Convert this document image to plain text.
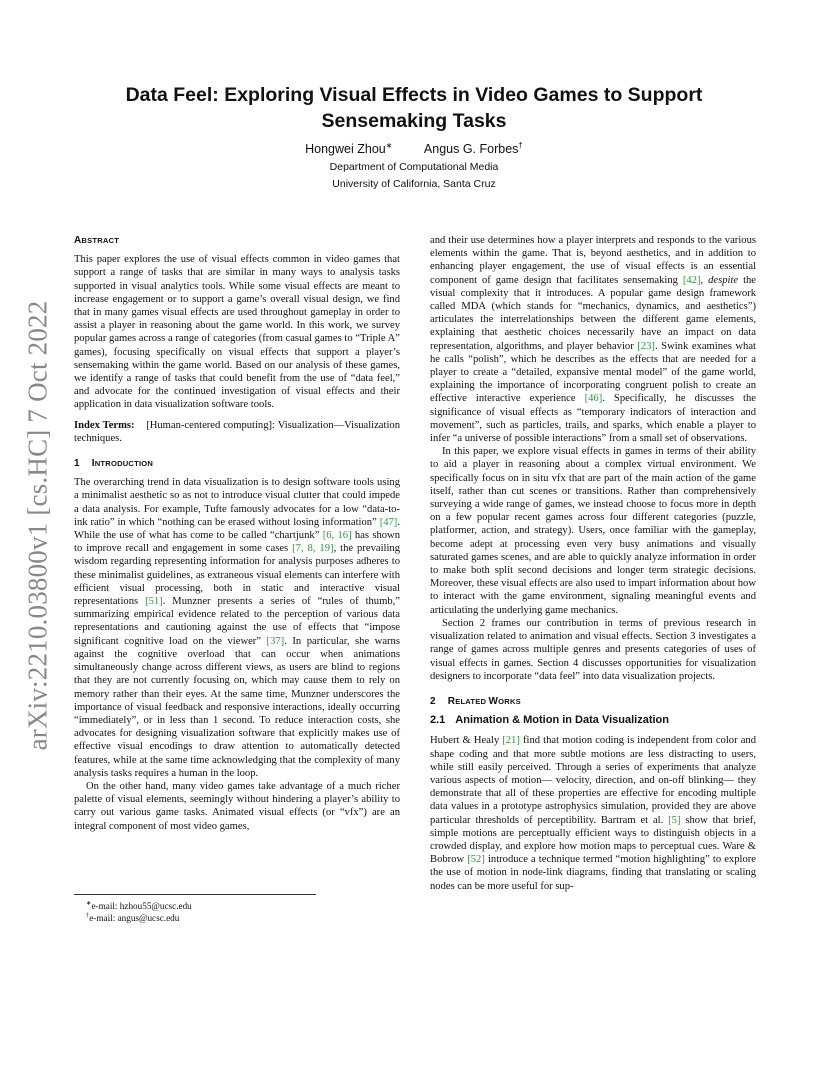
arXiv:2210.03800v1 [cs.HC] 7 Oct 2022
Data Feel: Exploring Visual Effects in Video Games to Support
Sensemaking Tasks
Hongwei Zhou∗	Angus G. Forbes†
Department of Computational Media
University of California, Santa Cruz
ABSTRACT

This paper explores the use of visual effects common in video games that support a range of tasks that are similar in many ways to analysis tasks supported in visual analytics tools. While some visual effects are meant to increase engagement or to support a game’s overall visual design, we find that in many games visual effects are used throughout gameplay in order to assist a player in reasoning about the game world. In this work, we survey popular games across a range of categories (from casual games to “Triple A” games), focusing specifically on visual effects that support a player’s sensemaking within the game world. Based on our analysis of these games, we identify a range of tasks that could benefit from the use of “data feel,” and advocate for the continued investigation of visual effects and their application in data visualization software tools.

Index Terms: [Human-centered computing]: Visualization—Visualization techniques.

1 INTRODUCTION

The overarching trend in data visualization is to design software tools using a minimalist aesthetic so as not to introduce visual clutter that could impede a data analysis. For example, Tufte famously advocates for a low “data-to-ink ratio” in which “nothing can be erased without losing information” [47]. While the use of what has come to be called “chartjunk” [6, 16] has shown to improve recall and engagement in some cases [7, 8, 19], the prevailing wisdom regarding representing information for analysis purposes adheres to these minimalist guidelines, as extraneous visual elements can interfere with efficient visual processing, both in static and interactive visual representations [51]. Munzner presents a series of “rules of thumb,” summarizing empirical evidence related to the perception of various data representations and cautioning against the use of effects that “impose significant cognitive load on the viewer” [37]. In particular, she warns against the cognitive overload that can occur when animations simultaneously change across different views, as users are blind to regions that they are not currently focusing on, which may cause them to rely on memory rather than their eyes. At the same time, Munzner underscores the importance of visual feedback and responsive interactions, ideally occurring “immediately”, or in less than 1 second. To reduce interaction costs, she advocates for designing visualization software that explicitly makes use of effective visual encodings to draw attention to automatically detected features, while at the same time acknowledging that the complexity of many analysis tasks requires a human in the loop.

On the other hand, many video games take advantage of a much richer palette of visual elements, seemingly without hindering a player’s ability to carry out various game tasks. Animated visual effects (or “vfx”) are an integral component of most video games,

∗e-mail: hzhou55@ucsc.edu
†e-mail: angus@ucsc.edu

and their use determines how a player interprets and responds to the various elements within the game. That is, beyond aesthetics, and in addition to enhancing player engagement, the use of visual effects is an essential component of game design that facilitates sensemaking [42], despite the visual complexity that it introduces. A popular game design framework called MDA (which stands for “mechanics, dynamics, and aesthetics”) articulates the interrelationships between the different game elements, explaining that aesthetic choices necessarily have an impact on data representation, algorithms, and player behavior [23]. Swink examines what he calls “polish”, which he describes as the effects that are needed for a player to create a “detailed, expansive mental model” of the game world, explaining the importance of incorporating congruent polish to create an effective interactive experience [46]. Specifically, he discusses the significance of visual effects as “temporary indicators of interaction and movement”, such as particles, trails, and sparks, which enable a player to infer “a universe of possible interactions” from a small set of observations.

In this paper, we explore visual effects in games in terms of their ability to aid a player in reasoning about a complex virtual environment. We specifically focus on in situ vfx that are part of the main action of the game itself, rather than cut scenes or transitions. Rather than comprehensively surveying a wide range of games, we instead choose to focus more in depth on a few popular recent games across four different categories (puzzle, platformer, action, and strategy). Users, once familiar with the gameplay, become adept at processing even very busy animations and visually saturated games scenes, and are able to quickly analyze information in order to make both split second decisions and longer term strategic decisions. Moreover, these visual effects are also used to impart information about how to interact with the game environment, signaling meaningful events and articulating the underlying game mechanics.

Section 2 frames our contribution in terms of previous research in visualization related to animation and visual effects. Section 3 investigates a range of games across multiple genres and presents categories of uses of visual effects in games. Section 4 discusses opportunities for visualization designers to incorporate “data feel” into data visualization projects.

2 RELATED WORKS
2.1 Animation & Motion in Data Visualization

Hubert & Healy [21] find that motion coding is independent from color and shape coding and that more subtle motions are less distracting to users, while still easily perceived. Through a series of experiments that analyze various aspects of motion— velocity, direction, and on-off blinking— they demonstrate that all of these properties are effective for encoding multiple data values in a prototype astrophysics simulation, provided they are above particular thresholds of perceptibility. Bartram et al. [5] show that brief, simple motions are perceptually efficient ways to distinguish objects in a crowded display, and explore how motion maps to perceptual cues. Ware & Bobrow [52] introduce a technique termed “motion highlighting” to explore the use of motion in node-link diagrams, finding that translating or scaling nodes can be more useful for sup-
